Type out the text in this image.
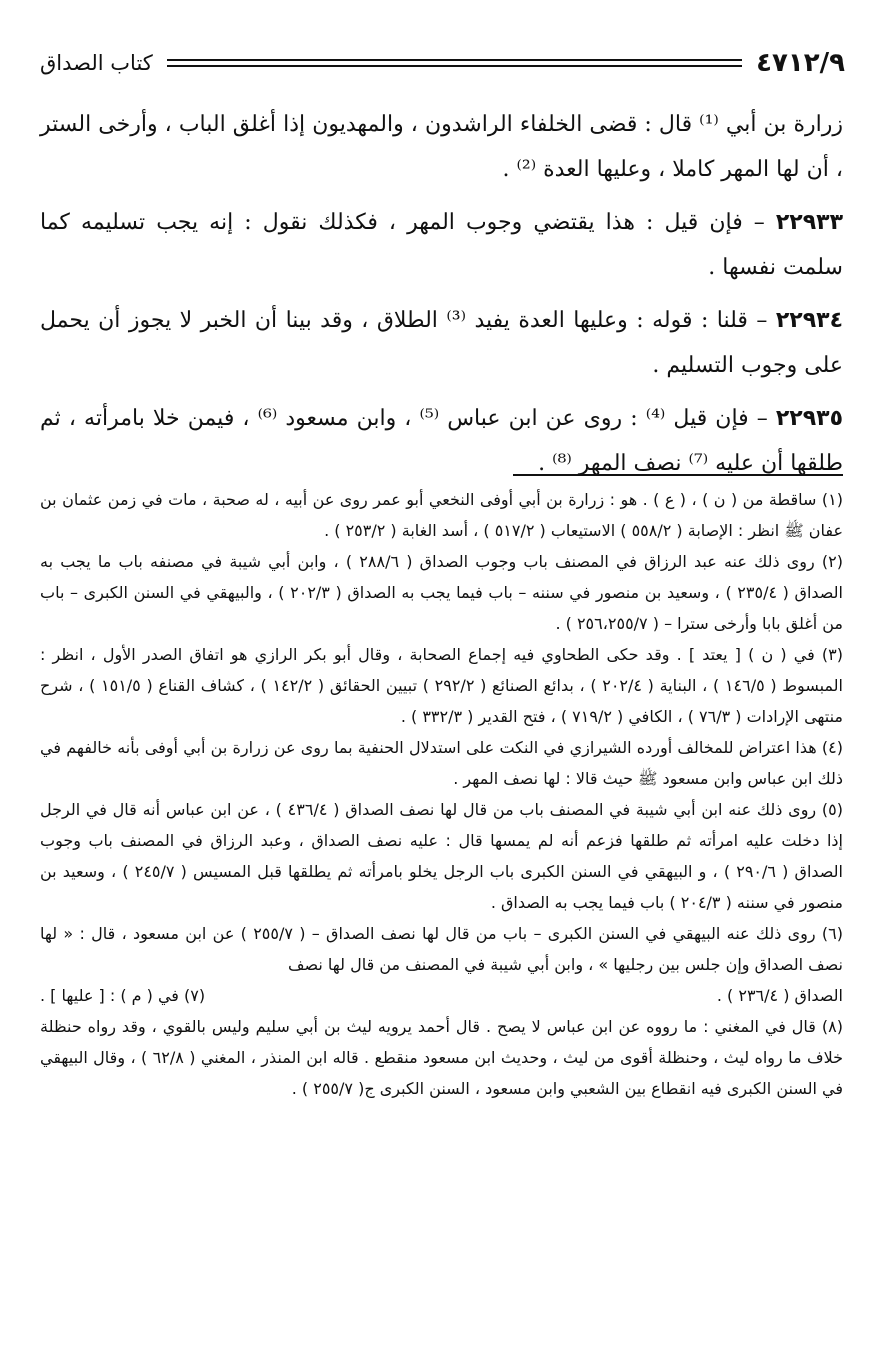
٤٧١٢/٩
كتاب الصداق

زرارة بن أبي ⁽¹⁾ قال : قضى الخلفاء الراشدون ، والمهديون إذا أغلق الباب ، وأرخى الستر ، أن لها المهر كاملا ، وعليها العدة ⁽²⁾ .

٢٢٩٣٣ – فإن قيل : هذا يقتضي وجوب المهر ، فكذلك نقول : إنه يجب تسليمه كما سلمت نفسها .

٢٢٩٣٤ – قلنا : قوله : وعليها العدة يفيد ⁽³⁾ الطلاق ، وقد بينا أن الخبر لا يجوز أن يحمل على وجوب التسليم .

٢٢٩٣٥ – فإن قيل ⁽⁴⁾ : روى عن ابن عباس ⁽⁵⁾ ، وابن مسعود ⁽⁶⁾ ، فيمن خلا بامرأته ، ثم طلقها أن عليه ⁽⁷⁾ نصف المهر ⁽⁸⁾ .

(١) ساقطة من ( ن ) ، ( ع ) . هو : زرارة بن أبي أوفى النخعي أبو عمر روى عن أبيه ، له صحبة ، مات في زمن عثمان بن عفان ﷺ انظر : الإصابة ( ٥٥٨/٢ ) الاستيعاب ( ٥١٧/٢ ) ، أسد الغابة ( ٢٥٣/٢ ) .

(٢) روى ذلك عنه عبد الرزاق في المصنف باب وجوب الصداق ( ٢٨٨/٦ ) ، وابن أبي شيبة في مصنفه باب ما يجب به الصداق ( ٢٣٥/٤ ) ، وسعيد بن منصور في سننه – باب فيما يجب به الصداق ( ٢٠٢/٣ ) ، والبيهقي في السنن الكبرى – باب من أغلق بابا وأرخى سترا – ( ٢٥٦،٢٥٥/٧ ) .

(٣) في ( ن ) [ يعتد ] . وقد حكى الطحاوي فيه إجماع الصحابة ، وقال أبو بكر الرازي هو اتفاق الصدر الأول ، انظر : المبسوط ( ١٤٦/٥ ) ، البناية ( ٢٠٢/٤ ) ، بدائع الصنائع ( ٢٩٢/٢ ) تبيين الحقائق ( ١٤٢/٢ ) ، كشاف القناع ( ١٥١/٥ ) ، شرح منتهى الإرادات ( ٧٦/٣ ) ، الكافي ( ٧١٩/٢ ) ، فتح القدير ( ٣٣٢/٣ ) .

(٤) هذا اعتراض للمخالف أورده الشيرازي في النكت على استدلال الحنفية بما روى عن زرارة بن أبي أوفى بأنه خالفهم في ذلك ابن عباس وابن مسعود ﷺ حيث قالا : لها نصف المهر .

(٥) روى ذلك عنه ابن أبي شيبة في المصنف باب من قال لها نصف الصداق ( ٤٣٦/٤ ) ، عن ابن عباس أنه قال في الرجل إذا دخلت عليه امرأته ثم طلقها فزعم أنه لم يمسها قال : عليه نصف الصداق ، وعبد الرزاق في المصنف باب وجوب الصداق ( ٢٩٠/٦ ) ، و البيهقي في السنن الكبرى باب الرجل يخلو بامرأته ثم يطلقها قبل المسيس ( ٢٤٥/٧ ) ، وسعيد بن منصور في سننه ( ٢٠٤/٣ ) باب فيما يجب به الصداق .

(٦) روى ذلك عنه البيهقي في السنن الكبرى – باب من قال لها نصف الصداق – ( ٢٥٥/٧ ) عن ابن مسعود ، قال : « لها نصف الصداق وإن جلس بين رجليها » ، وابن أبي شيبة في المصنف من قال لها نصف

الصداق ( ٢٣٦/٤ ) .
(٧) في ( م ) : [ عليها ] .

(٨) قال في المغني : ما رووه عن ابن عباس لا يصح . قال أحمد يرويه ليث بن أبي سليم وليس بالقوي ، وقد رواه حنظلة خلاف ما رواه ليث ، وحنظلة أقوى من ليث ، وحديث ابن مسعود منقطع . قاله ابن المنذر ، المغني ( ٦٢/٨ ) ، وقال البيهقي في السنن الكبرى فيه انقطاع بين الشعبي وابن مسعود ، السنن الكبرى ج( ٢٥٥/٧ ) .
